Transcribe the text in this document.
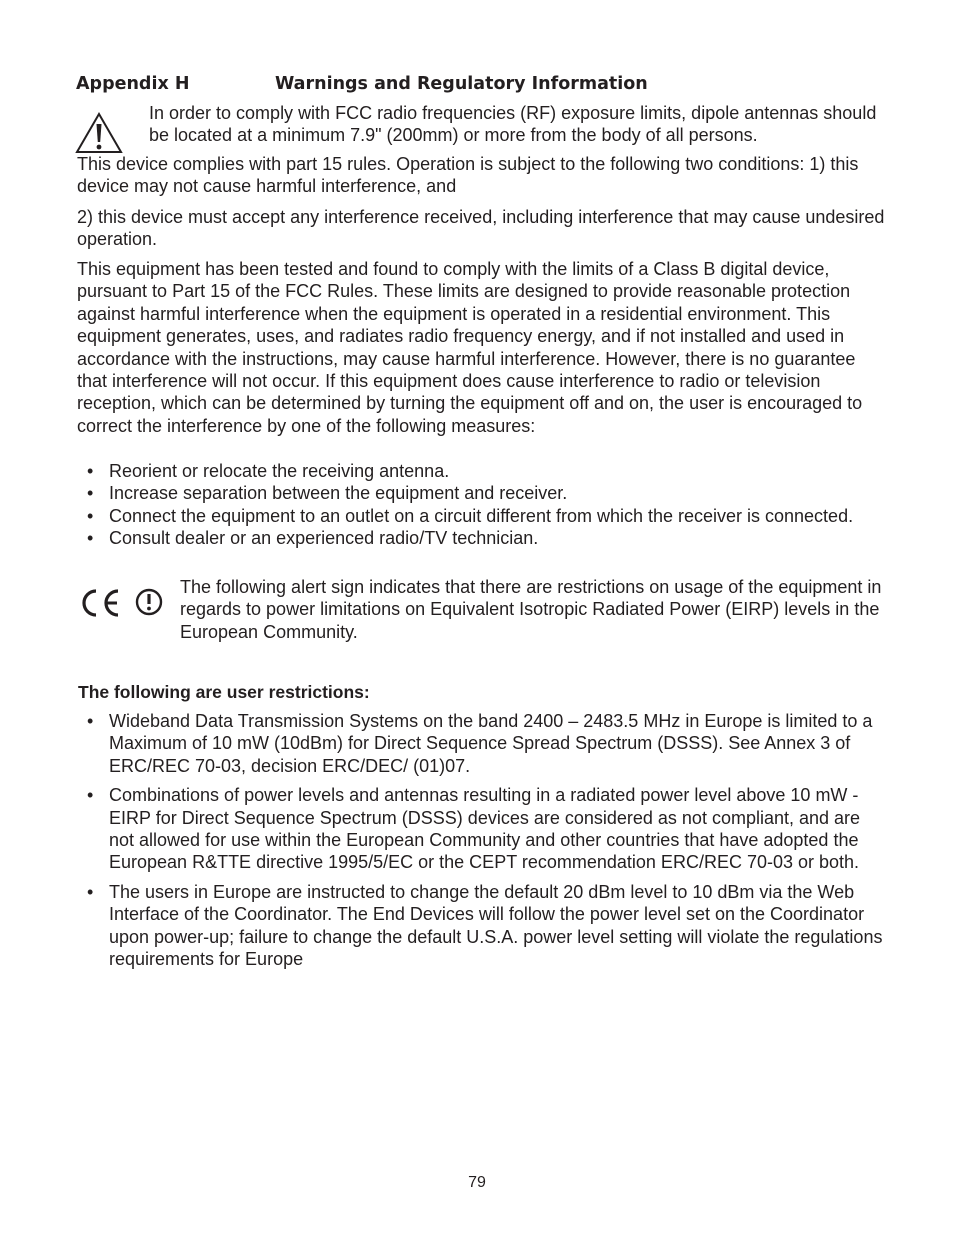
Appendix H	Warnings and Regulatory Information
In order to comply with FCC radio frequencies (RF) exposure limits, dipole antennas should be located at a minimum 7.9" (200mm) or more from the body of all persons.

This device complies with part 15 rules. Operation is subject to the following two conditions: 1) this device may not cause harmful interference, and

2) this device must accept any interference received, including interference that may cause undesired operation.

This equipment has been tested and found to comply with the limits of a Class B digital device, pursuant to Part 15 of the FCC Rules. These limits are designed to provide reasonable protection against harmful interference when the equipment is operated in a residential environment. This equipment generates, uses, and radiates radio frequency energy, and if not installed and used in accordance with the instructions, may cause harmful interference. However, there is no guarantee that interference will not occur. If this equipment does cause interference to radio or television reception, which can be determined by turning the equipment off and on, the user is encouraged to correct the interference by one of the following measures:

• Reorient or relocate the receiving antenna.
• Increase separation between the equipment and receiver.
• Connect the equipment to an outlet on a circuit different from which the receiver is connected.
• Consult dealer or an experienced radio/TV technician.
The following alert sign indicates that there are restrictions on usage of the equipment in regards to power limitations on Equivalent Isotropic Radiated Power (EIRP) levels in the European Community.
The following are user restrictions:
• Wideband Data Transmission Systems on the band 2400 – 2483.5 MHz in Europe is limited to a Maximum of 10 mW (10dBm) for Direct Sequence Spread Spectrum (DSSS). See Annex 3 of ERC/REC 70-03, decision ERC/DEC/ (01)07.
• Combinations of power levels and antennas resulting in a radiated power level above 10 mW - EIRP for Direct Sequence Spectrum (DSSS) devices are considered as not compliant, and are not allowed for use within the European Community and other countries that have adopted the European R&TTE directive 1995/5/EC or the CEPT recommendation ERC/REC 70-03 or both.
• The users in Europe are instructed to change the default 20 dBm level to 10 dBm via the Web Interface of the Coordinator. The End Devices will follow the power level set on the Coordinator upon power-up; failure to change the default U.S.A. power level setting will violate the regulations requirements for Europe
79
